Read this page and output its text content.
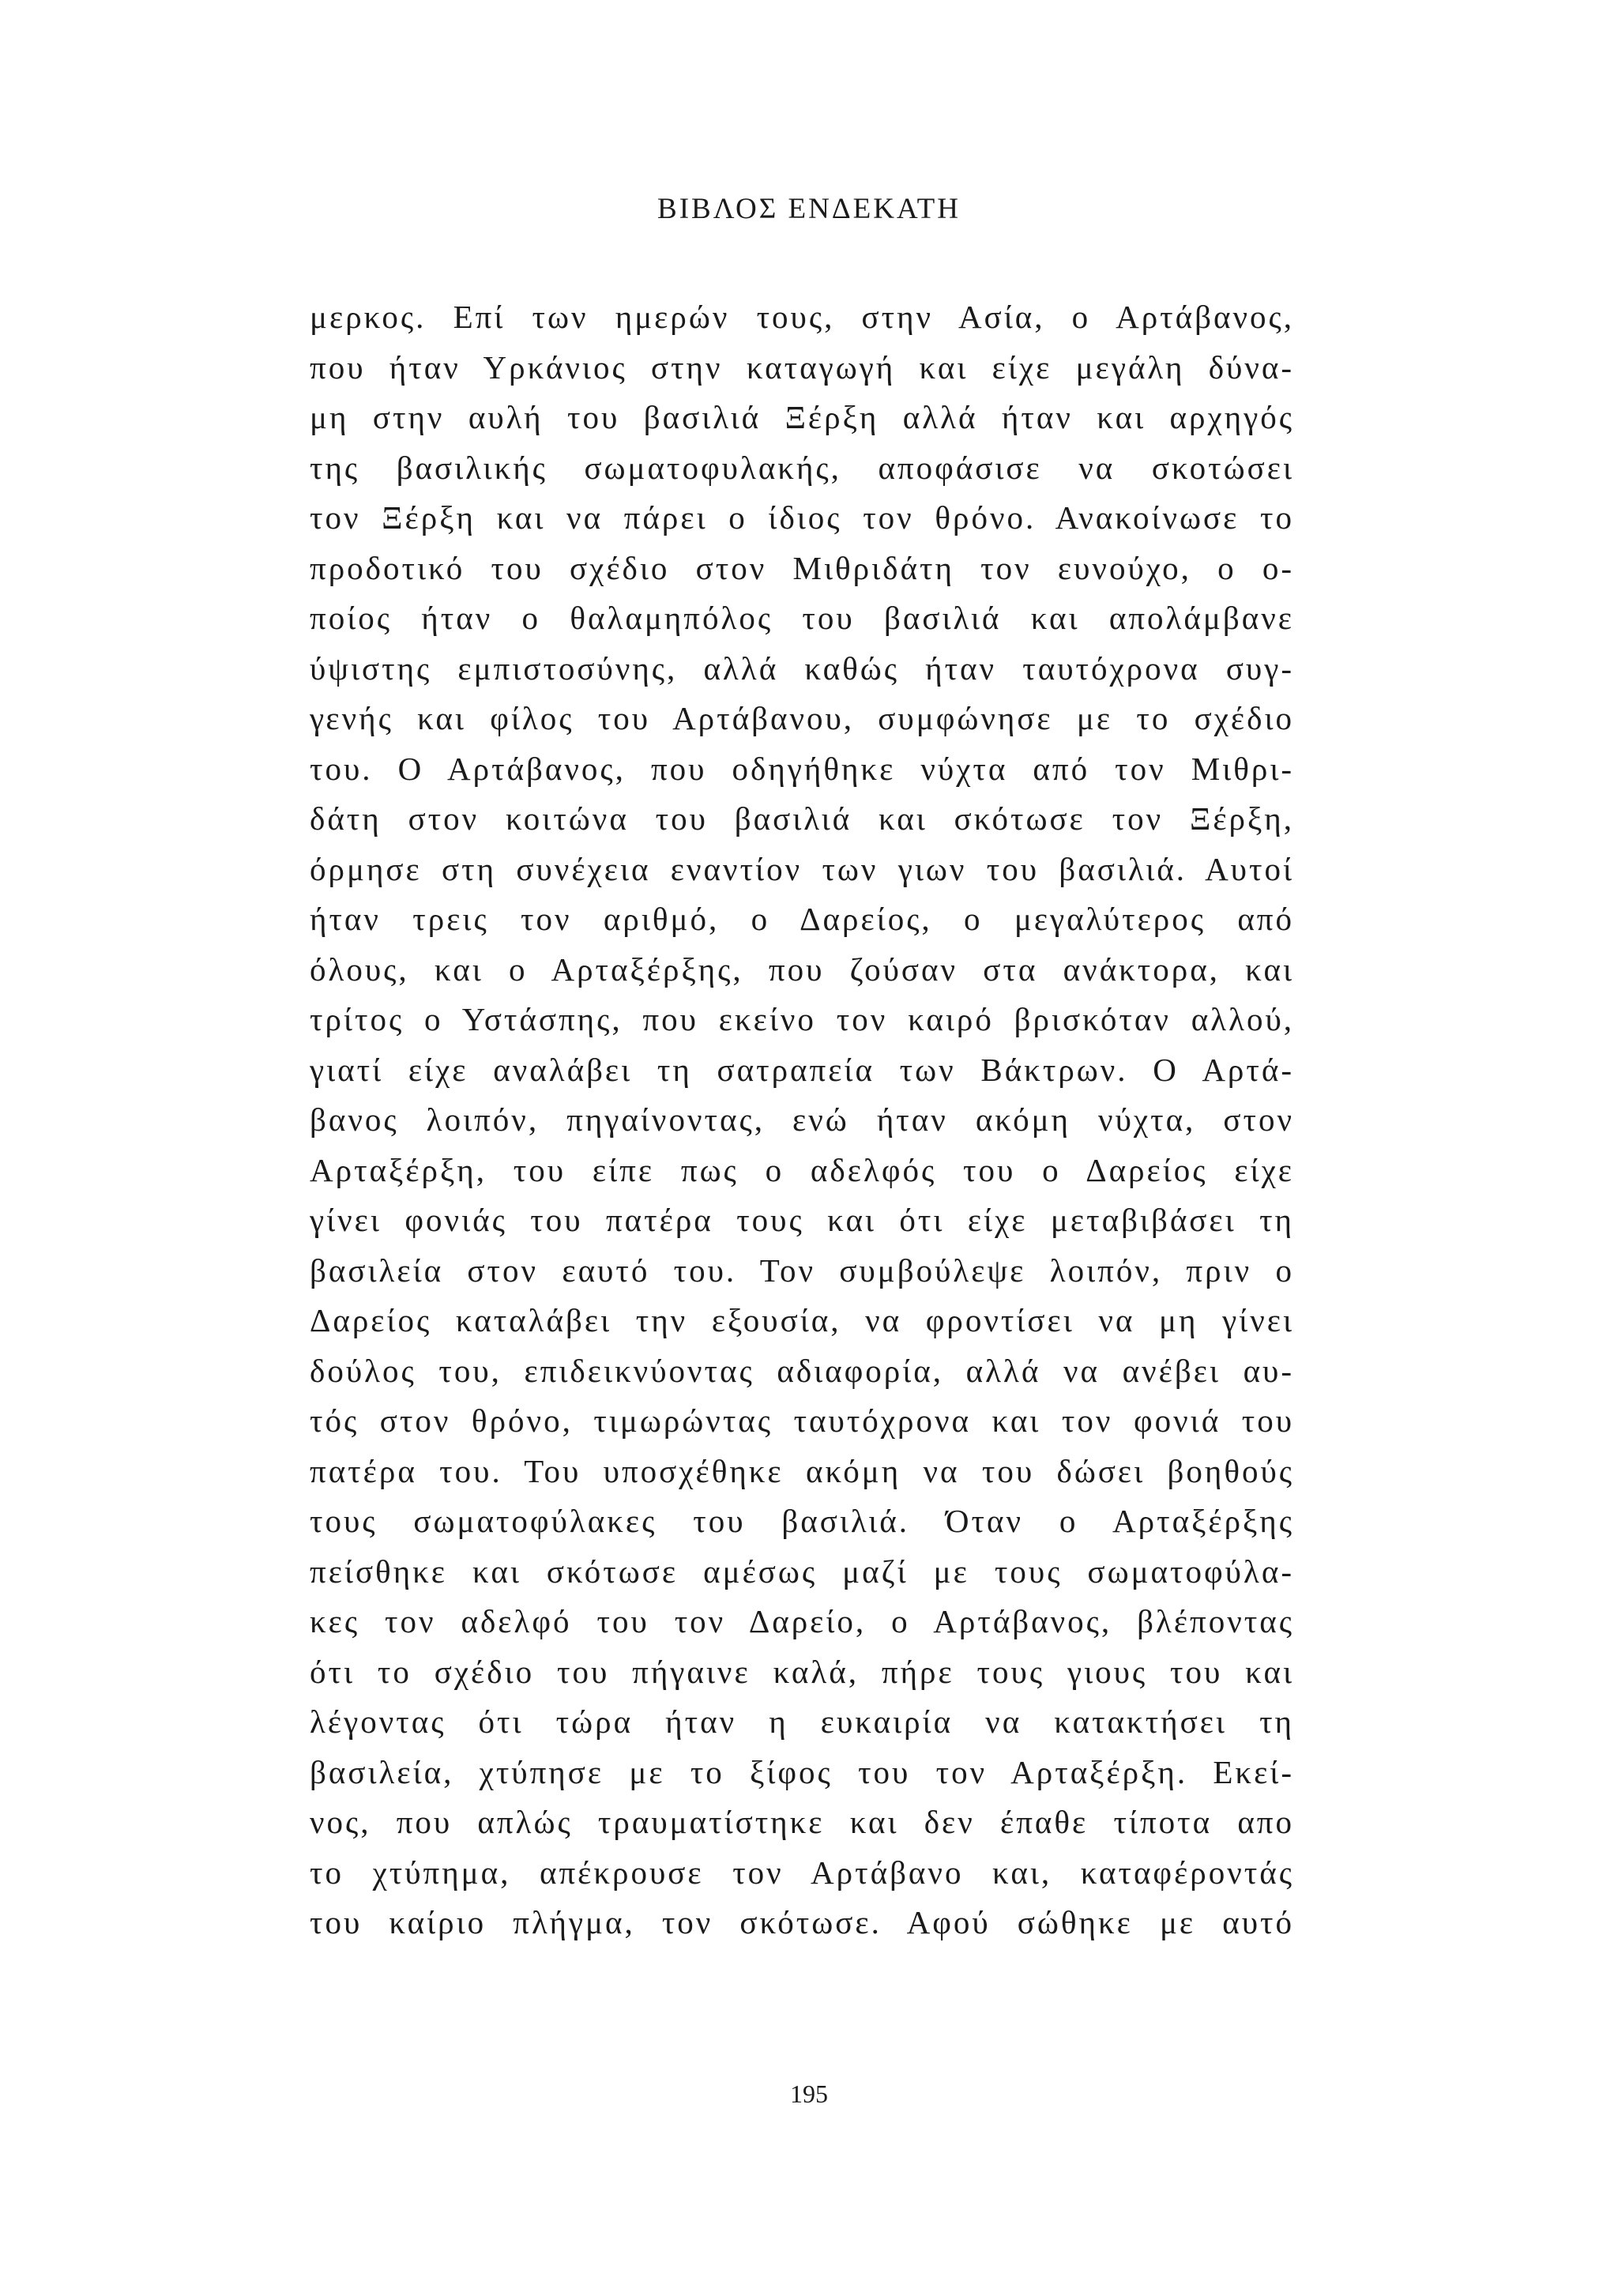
ΒΙΒΛΟΣ ΕΝΔΕΚΑΤΗ
μερκος. Επί των ημερών τους, στην Ασία, ο Αρτάβανος,
που ήταν Υρκάνιος στην καταγωγή και είχε μεγάλη δύνα-
μη στην αυλή του βασιλιά Ξέρξη αλλά ήταν και αρχηγός
της βασιλικής σωματοφυλακής, αποφάσισε να σκοτώσει
τον Ξέρξη και να πάρει ο ίδιος τον θρόνο. Ανακοίνωσε το
προδοτικό του σχέδιο στον Μιθριδάτη τον ευνούχο, ο ο-
ποίος ήταν ο θαλαμηπόλος του βασιλιά και απολάμβανε
ύψιστης εμπιστοσύνης, αλλά καθώς ήταν ταυτόχρονα συγ-
γενής και φίλος του Αρτάβανου, συμφώνησε με το σχέδιο
του. Ο Αρτάβανος, που οδηγήθηκε νύχτα από τον Μιθρι-
δάτη στον κοιτώνα του βασιλιά και σκότωσε τον Ξέρξη,
όρμησε στη συνέχεια εναντίον των γιων του βασιλιά. Αυτοί
ήταν τρεις τον αριθμό, ο Δαρείος, ο μεγαλύτερος από
όλους, και ο Αρταξέρξης, που ζούσαν στα ανάκτορα, και
τρίτος ο Υστάσπης, που εκείνο τον καιρό βρισκόταν αλλού,
γιατί είχε αναλάβει τη σατραπεία των Βάκτρων. Ο Αρτά-
βανος λοιπόν, πηγαίνοντας, ενώ ήταν ακόμη νύχτα, στον
Αρταξέρξη, του είπε πως ο αδελφός του ο Δαρείος είχε
γίνει φονιάς του πατέρα τους και ότι είχε μεταβιβάσει τη
βασιλεία στον εαυτό του. Τον συμβούλεψε λοιπόν, πριν ο
Δαρείος καταλάβει την εξουσία, να φροντίσει να μη γίνει
δούλος του, επιδεικνύοντας αδιαφορία, αλλά να ανέβει αυ-
τός στον θρόνο, τιμωρώντας ταυτόχρονα και τον φονιά του
πατέρα του. Του υποσχέθηκε ακόμη να του δώσει βοηθούς
τους σωματοφύλακες του βασιλιά. Όταν ο Αρταξέρξης
πείσθηκε και σκότωσε αμέσως μαζί με τους σωματοφύλα-
κες τον αδελφό του τον Δαρείο, ο Αρτάβανος, βλέποντας
ότι το σχέδιο του πήγαινε καλά, πήρε τους γιους του και
λέγοντας ότι τώρα ήταν η ευκαιρία να κατακτήσει τη
βασιλεία, χτύπησε με το ξίφος του τον Αρταξέρξη. Εκεί-
νος, που απλώς τραυματίστηκε και δεν έπαθε τίποτα απο
το χτύπημα, απέκρουσε τον Αρτάβανο και, καταφέροντάς
του καίριο πλήγμα, τον σκότωσε. Αφού σώθηκε με αυτό
195
